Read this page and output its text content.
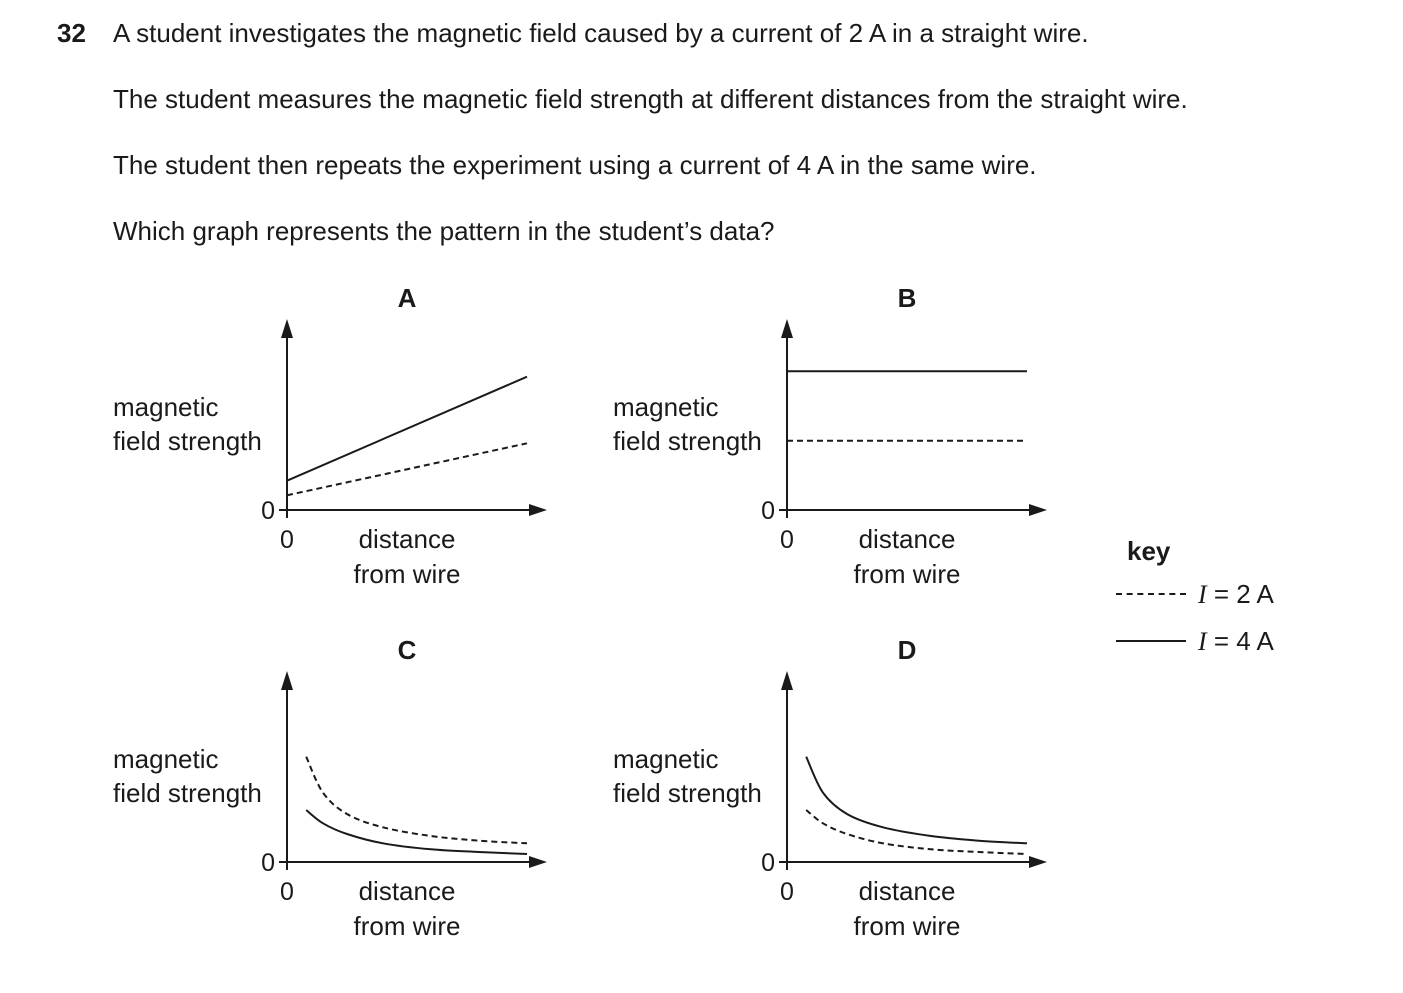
32 A student investigates the magnetic field caused by a current of 2 A in a straight wire.
The student measures the magnetic field strength at different distances from the straight wire.
The student then repeats the experiment using a current of 4 A in the same wire.
Which graph represents the pattern in the student’s data?
A
0
0
magnetic
field strength
distance
from wire
B
0
0
magnetic
field strength
distance
from wire
C
0
0
magnetic
field strength
distance
from wire
D
0
0
magnetic
field strength
distance
from wire
key
I = 2 A
I = 4 A
